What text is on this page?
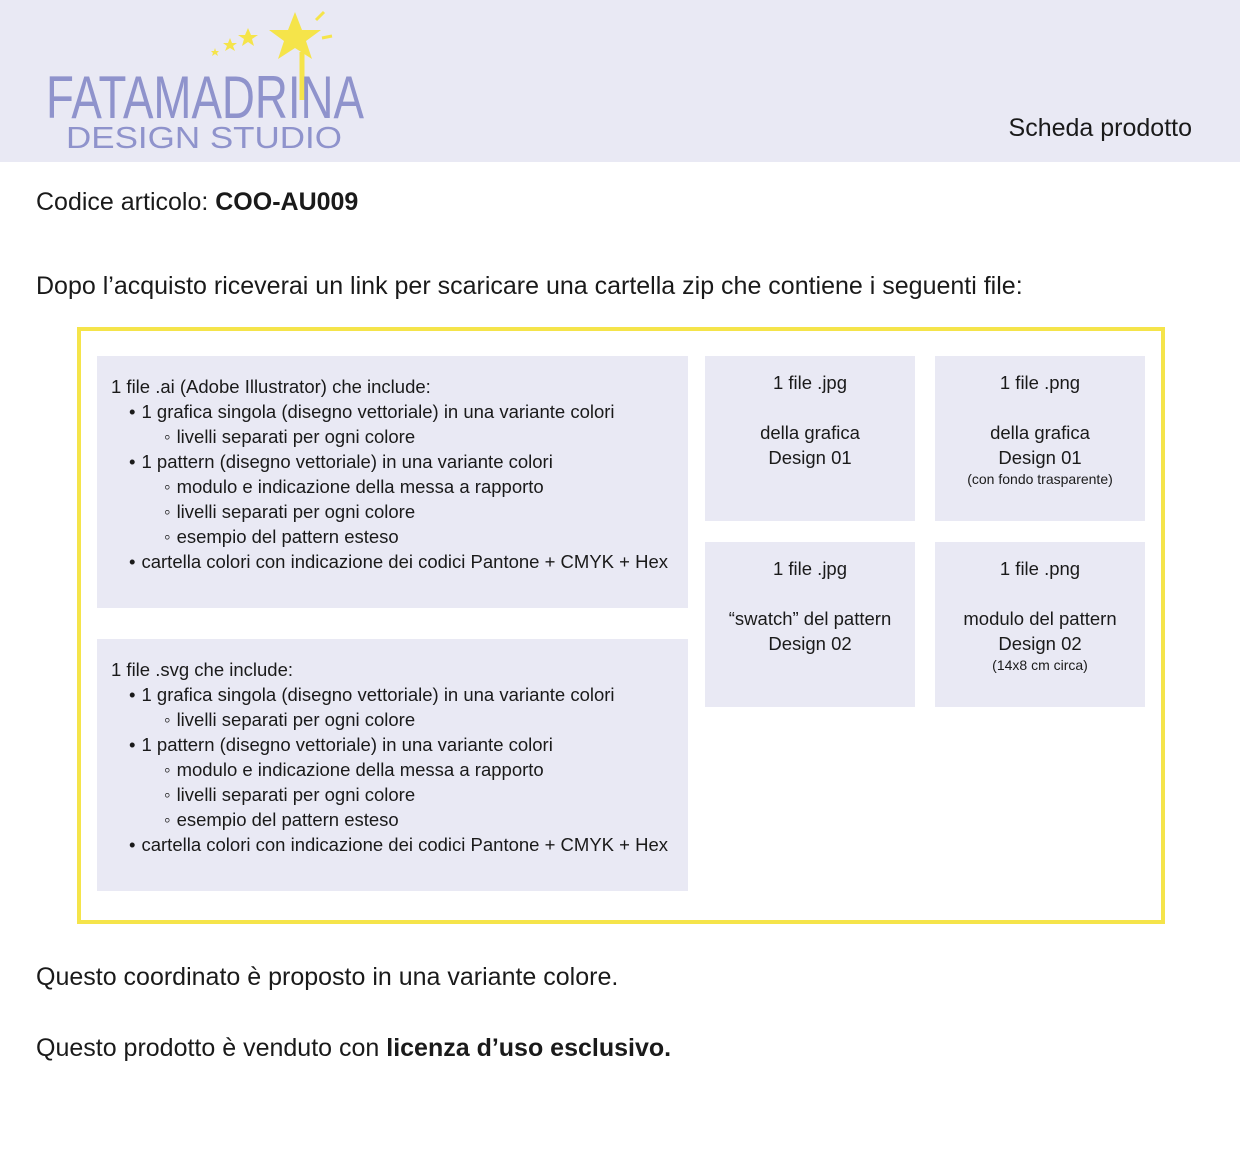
FATAMADRINA
DESIGN STUDIO	Scheda prodotto
Codice articolo: COO-AU009
Dopo l’acquisto riceverai un link per scaricare una cartella zip che contiene i seguenti file:
1 file .ai (Adobe Illustrator) che include:
• 1 grafica singola (disegno vettoriale) in una variante colori
◦ livelli separati per ogni colore
• 1 pattern (disegno vettoriale) in una variante colori
◦ modulo e indicazione della messa a rapporto
◦ livelli separati per ogni colore
◦ esempio del pattern esteso
• cartella colori con indicazione dei codici Pantone + CMYK + Hex
1 file .svg che include:
• 1 grafica singola (disegno vettoriale) in una variante colori
◦ livelli separati per ogni colore
• 1 pattern (disegno vettoriale) in una variante colori
◦ modulo e indicazione della messa a rapporto
◦ livelli separati per ogni colore
◦ esempio del pattern esteso
• cartella colori con indicazione dei codici Pantone + CMYK + Hex
1 file .jpg
della grafica
Design 01
1 file .png
della grafica
Design 01
(con fondo trasparente)
1 file .jpg
“swatch” del pattern
Design 02
1 file .png
modulo del pattern
Design 02
(14x8 cm circa)
Questo coordinato è proposto in una variante colore.
Questo prodotto è venduto con licenza d’uso esclusivo.
